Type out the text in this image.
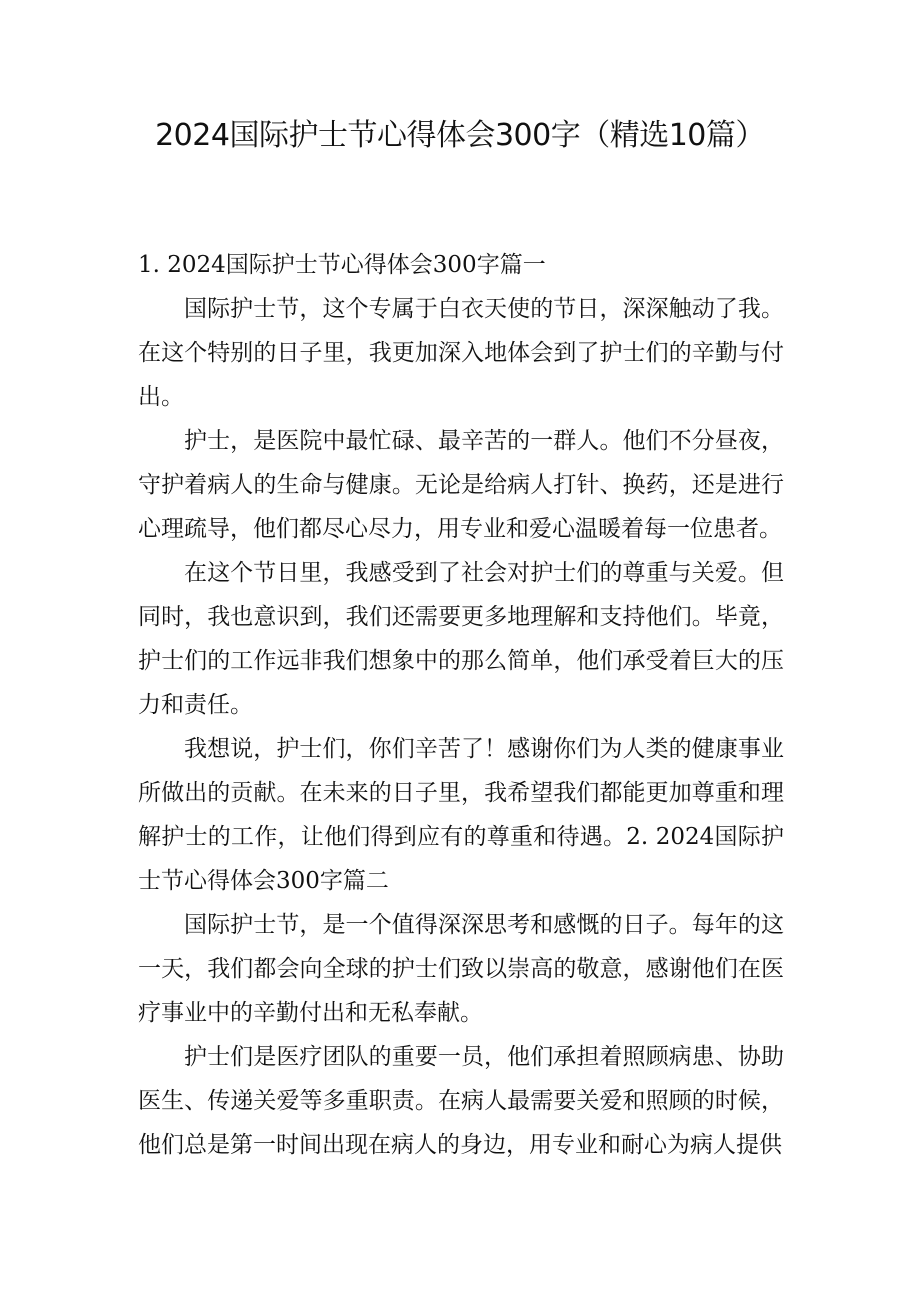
2024国际护士节心得体会300字（精选10篇）

1. 2024国际护士节心得体会300字篇一

国际护士节，这个专属于白衣天使的节日，深深触动了我。在这个特别的日子里，我更加深入地体会到了护士们的辛勤与付出。

护士，是医院中最忙碌、最辛苦的一群人。他们不分昼夜，守护着病人的生命与健康。无论是给病人打针、换药，还是进行心理疏导，他们都尽心尽力，用专业和爱心温暖着每一位患者。

在这个节日里，我感受到了社会对护士们的尊重与关爱。但同时，我也意识到，我们还需要更多地理解和支持他们。毕竟，护士们的工作远非我们想象中的那么简单，他们承受着巨大的压力和责任。

我想说，护士们，你们辛苦了！感谢你们为人类的健康事业所做出的贡献。在未来的日子里，我希望我们都能更加尊重和理解护士的工作，让他们得到应有的尊重和待遇。2. 2024国际护士节心得体会300字篇二

国际护士节，是一个值得深深思考和感慨的日子。每年的这一天，我们都会向全球的护士们致以崇高的敬意，感谢他们在医疗事业中的辛勤付出和无私奉献。

护士们是医疗团队的重要一员，他们承担着照顾病患、协助医生、传递关爱等多重职责。在病人最需要关爱和照顾的时候，他们总是第一时间出现在病人的身边，用专业和耐心为病人提供
